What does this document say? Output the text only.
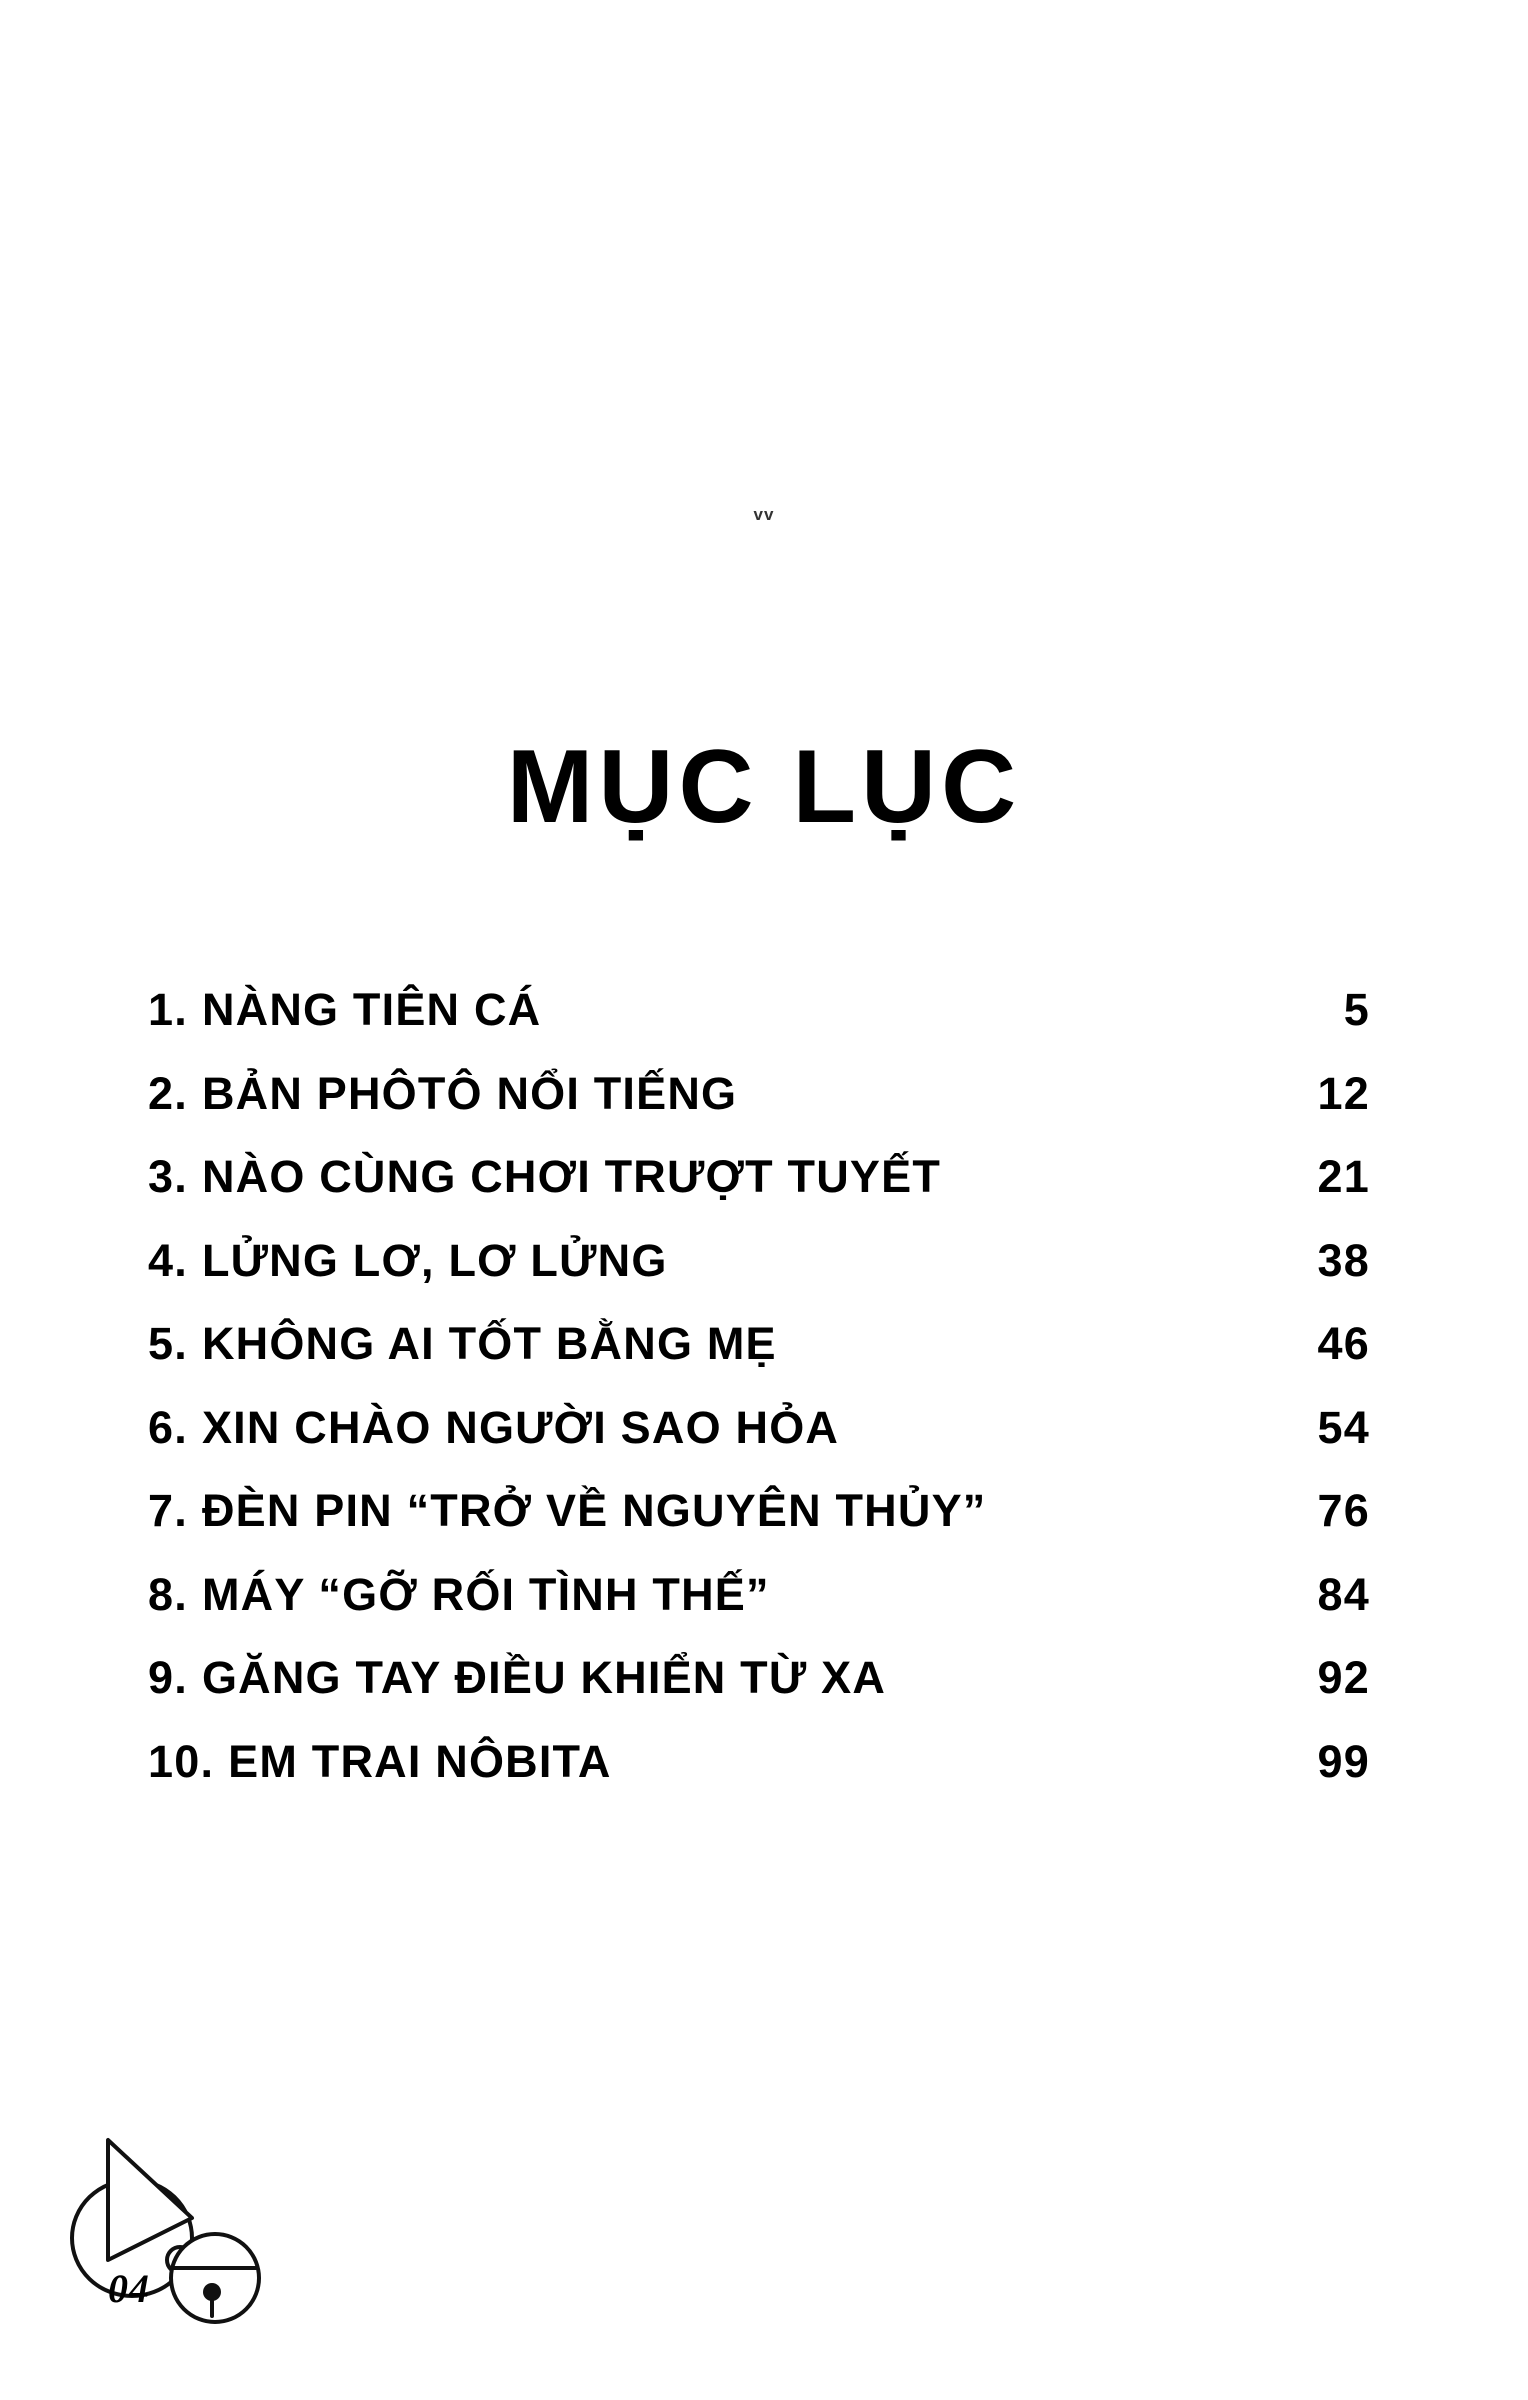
vv
MỤC LỤC
1. NÀNG TIÊN CÁ	5
2. BẢN PHÔTÔ NỔI TIẾNG	12
3. NÀO CÙNG CHƠI TRƯỢT TUYẾT	21
4. LỬNG LƠ, LƠ LỬNG	38
5. KHÔNG AI TỐT BẰNG MẸ	46
6. XIN CHÀO NGƯỜI SAO HỎA	54
7. ĐÈN PIN “TRỞ VỀ NGUYÊN THỦY”	76
8. MÁY “GỠ RỐI TÌNH THẾ”	84
9. GĂNG TAY ĐIỀU KHIỂN TỪ XA	92
10. EM TRAI NÔBITA	99
04
